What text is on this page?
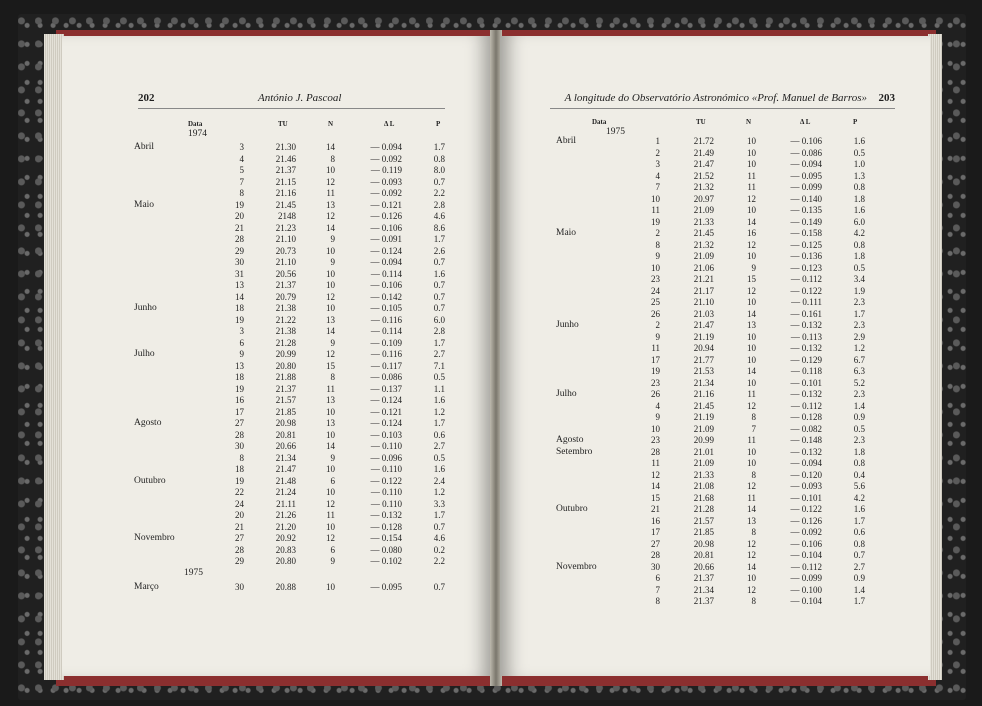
202	António J. Pascoal
Data	TU	N	Δ L	P
1974
Abril	3	21.30	14	— 0.094	1.7
4	21.46	8	— 0.092	0.8
5	21.37	10	— 0.119	8.0
7	21.15	12	— 0.093	0.7
8	21.16	11	— 0.092	2.2
Maio	19	21.45	13	— 0.121	2.8
20	2148	12	— 0.126	4.6
21	21.23	14	— 0.106	8.6
28	21.10	9	— 0.091	1.7
29	20.73	10	— 0.124	2.6
30	21.10	9	— 0.094	0.7
31	20.56	10	— 0.114	1.6
13	21.37	10	— 0.106	0.7
14	20.79	12	— 0.142	0.7
Junho	18	21.38	10	— 0.105	0.7
19	21.22	13	— 0.116	6.0
3	21.38	14	— 0.114	2.8
6	21.28	9	— 0.109	1.7
Julho	9	20.99	12	— 0.116	2.7
13	20.80	15	— 0.117	7.1
18	21.88	8	— 0.086	0.5
19	21.37	11	— 0.137	1.1
16	21.57	13	— 0.124	1.6
17	21.85	10	— 0.121	1.2
Agosto	27	20.98	13	— 0.124	1.7
28	20.81	10	— 0.103	0.6
30	20.66	14	— 0.110	2.7
8	21.34	9	— 0.096	0.5
18	21.47	10	— 0.110	1.6
Outubro	19	21.48	6	— 0.122	2.4
22	21.24	10	— 0.110	1.2
24	21.11	12	— 0.110	3.3
20	21.26	11	— 0.132	1.7
21	21.20	10	— 0.128	0.7
Novembro	27	20.92	12	— 0.154	4.6
28	20.83	6	— 0.080	0.2
29	20.80	9	— 0.102	2.2
1975
Março	30	20.88	10	— 0.095	0.7
A longitude do Observatório Astronómico «Prof. Manuel de Barros» 203
Data	TU	N	Δ L	P
1975
Abril	1	21.72	10	— 0.106	1.6
2	21.49	10	— 0.086	0.5
3	21.47	10	— 0.094	1.0
4	21.52	11	— 0.095	1.3
7	21.32	11	— 0.099	0.8
10	20.97	12	— 0.140	1.8
11	21.09	10	— 0.135	1.6
19	21.33	14	— 0.149	6.0
Maio	2	21.45	16	— 0.158	4.2
8	21.32	12	— 0.125	0.8
9	21.09	10	— 0.136	1.8
10	21.06	9	— 0.123	0.5
23	21.21	15	— 0.112	3.4
24	21.17	12	— 0.122	1.9
25	21.10	10	— 0.111	2.3
26	21.03	14	— 0.161	1.7
Junho	2	21.47	13	— 0.132	2.3
9	21.19	10	— 0.113	2.9
11	20.94	10	— 0.132	1.2
17	21.77	10	— 0.129	6.7
19	21.53	14	— 0.118	6.3
23	21.34	10	— 0.101	5.2
Julho	26	21.16	11	— 0.132	2.3
4	21.45	12	— 0.112	1.4
9	21.19	8	— 0.128	0.9
10	21.09	7	— 0.082	0.5
Agosto	23	20.99	11	— 0.148	2.3
Setembro	28	21.01	10	— 0.132	1.8
11	21.09	10	— 0.094	0.8
12	21.33	8	— 0.120	0.4
14	21.08	12	— 0.093	5.6
15	21.68	11	— 0.101	4.2
Outubro	21	21.28	14	— 0.122	1.6
16	21.57	13	— 0.126	1.7
17	21.85	8	— 0.092	0.6
27	20.98	12	— 0.106	0.8
28	20.81	12	— 0.104	0.7
Novembro	30	20.66	14	— 0.112	2.7
6	21.37	10	— 0.099	0.9
7	21.34	12	— 0.100	1.4
8	21.37	8	— 0.104	1.7
